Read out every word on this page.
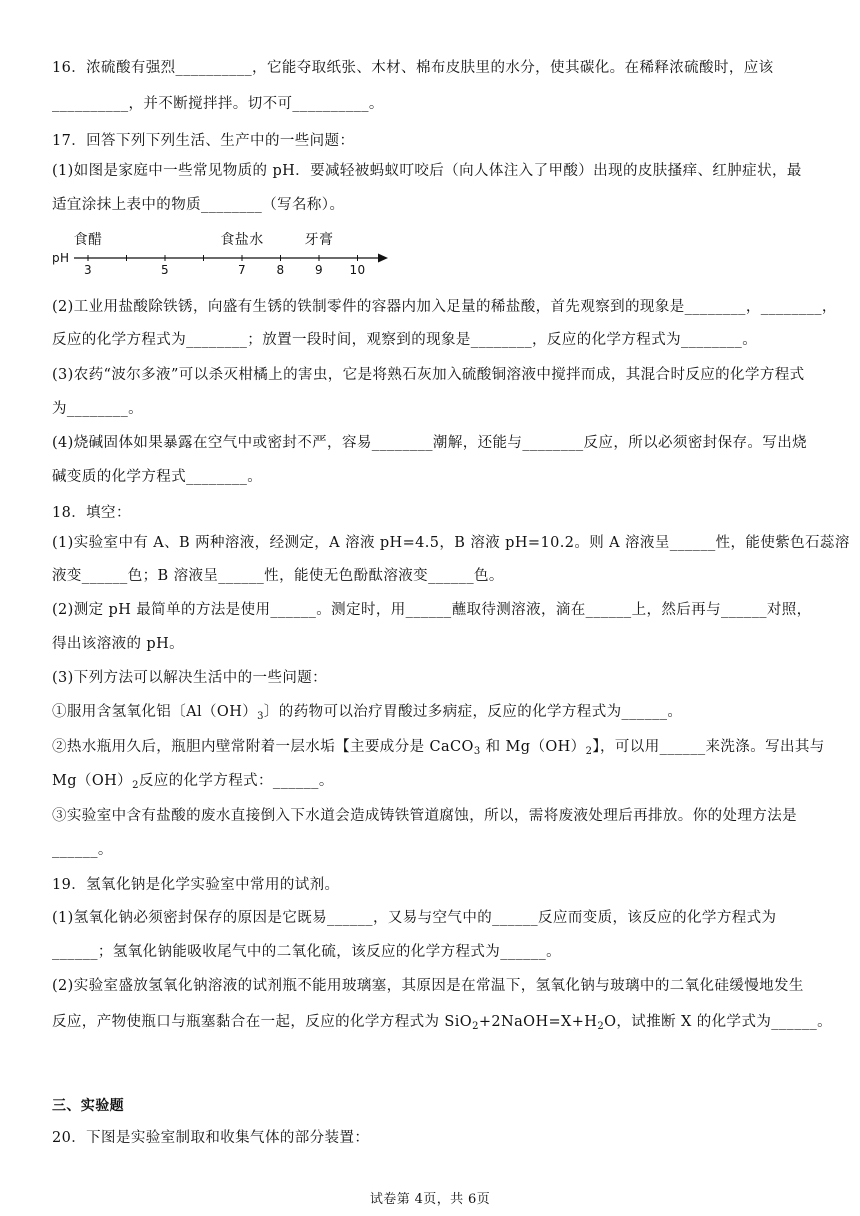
16．浓硫酸有强烈__________，它能夺取纸张、木材、棉布皮肤里的水分，使其碳化。在稀释浓硫酸时，应该
__________，并不断搅拌拌。切不可__________。
17．回答下列下列生活、生产中的一些问题：
(1)如图是家庭中一些常见物质的 pH．要减轻被蚂蚁叮咬后（向人体注入了甲酸）出现的皮肤搔痒、红肿症状，最
适宜涂抹上表中的物质________（写名称）。
食醋	食盐水	牙膏
pH
3	5	7	8	9 10
(2)工业用盐酸除铁锈，向盛有生锈的铁制零件的容器内加入足量的稀盐酸，首先观察到的现象是________，________，
反应的化学方程式为________；放置一段时间，观察到的现象是________，反应的化学方程式为________。
(3)农药“波尔多液”可以杀灭柑橘上的害虫，它是将熟石灰加入硫酸铜溶液中搅拌而成，其混合时反应的化学方程式
为________。
(4)烧碱固体如果暴露在空气中或密封不严，容易________潮解，还能与________反应，所以必须密封保存。写出烧
碱变质的化学方程式________。
18．填空：
(1)实验室中有 A、B 两种溶液，经测定，A 溶液 pH=4.5，B 溶液 pH=10.2。则 A 溶液呈______性，能使紫色石蕊溶
液变______色；B 溶液呈______性，能使无色酚酞溶液变______色。
(2)测定 pH 最简单的方法是使用______。测定时，用______蘸取待测溶液，滴在______上，然后再与______对照，
得出该溶液的 pH。
(3)下列方法可以解决生活中的一些问题：
①服用含氢氧化铝〔$Al(OH)_3$〕的药物可以治疗胃酸过多病症，反应的化学方程式为______。
②热水瓶用久后，瓶胆内壁常附着一层水垢【主要成分是 CaCO$_3$ 和 $Mg(OH)_2$】，可以用______来洗涤。写出其与
$Mg(OH)_2$反应的化学方程式：______。
③实验室中含有盐酸的废水直接倒入下水道会造成铸铁管道腐蚀，所以，需将废液处理后再排放。你的处理方法是
______。
19．氢氧化钠是化学实验室中常用的试剂。
(1)氢氧化钠必须密封保存的原因是它既易______，又易与空气中的______反应而变质，该反应的化学方程式为
______；氢氧化钠能吸收尾气中的二氧化硫，该反应的化学方程式为______。
(2)实验室盛放氢氧化钠溶液的试剂瓶不能用玻璃塞，其原因是在常温下，氢氧化钠与玻璃中的二氧化硅缓慢地发生
反应，产物使瓶口与瓶塞黏合在一起，反应的化学方程式为 $SiO_2+2NaOH=X+H_2O$，试推断 X 的化学式为______。
三、实验题
20．下图是实验室制取和收集气体的部分装置：
试卷第 4页，共 6页
